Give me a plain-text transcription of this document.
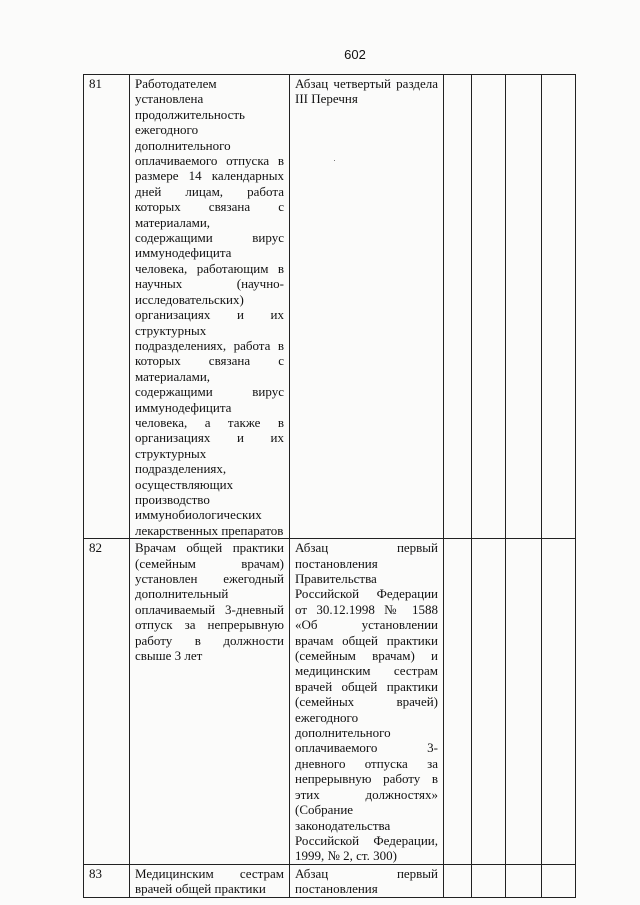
602
81	Работодателем установлена продолжительность ежегодного дополнительного оплачиваемого отпуска в размере 14 календарных дней лицам, работа которых связана с материалами, содержащими вирус иммунодефицита человека, работающим в научных (научно-исследовательских) организациях и их структурных подразделениях, работа в которых связана с материалами, содержащими вирус иммунодефицита человека, а также в организациях и их структурных подразделениях, осуществляющих производство иммунобиологических лекарственных препаратов	Абзац четвертый раздела III Перечня				
82	Врачам общей практики (семейным врачам) установлен ежегодный дополнительный оплачиваемый 3-дневный отпуск за непрерывную работу в должности свыше 3 лет	Абзац первый постановления Правительства Российской Федерации от 30.12.1998 № 1588 «Об установлении врачам общей практики (семейным врачам) и медицинским сестрам врачей общей практики (семейных врачей) ежегодного дополнительного оплачиваемого 3-дневного отпуска за непрерывную работу в этих должностях» (Собрание законодательства Российской Федерации, 1999, № 2, ст. 300)				
83	Медицинским сестрам врачей общей практики	Абзац первый постановления				
